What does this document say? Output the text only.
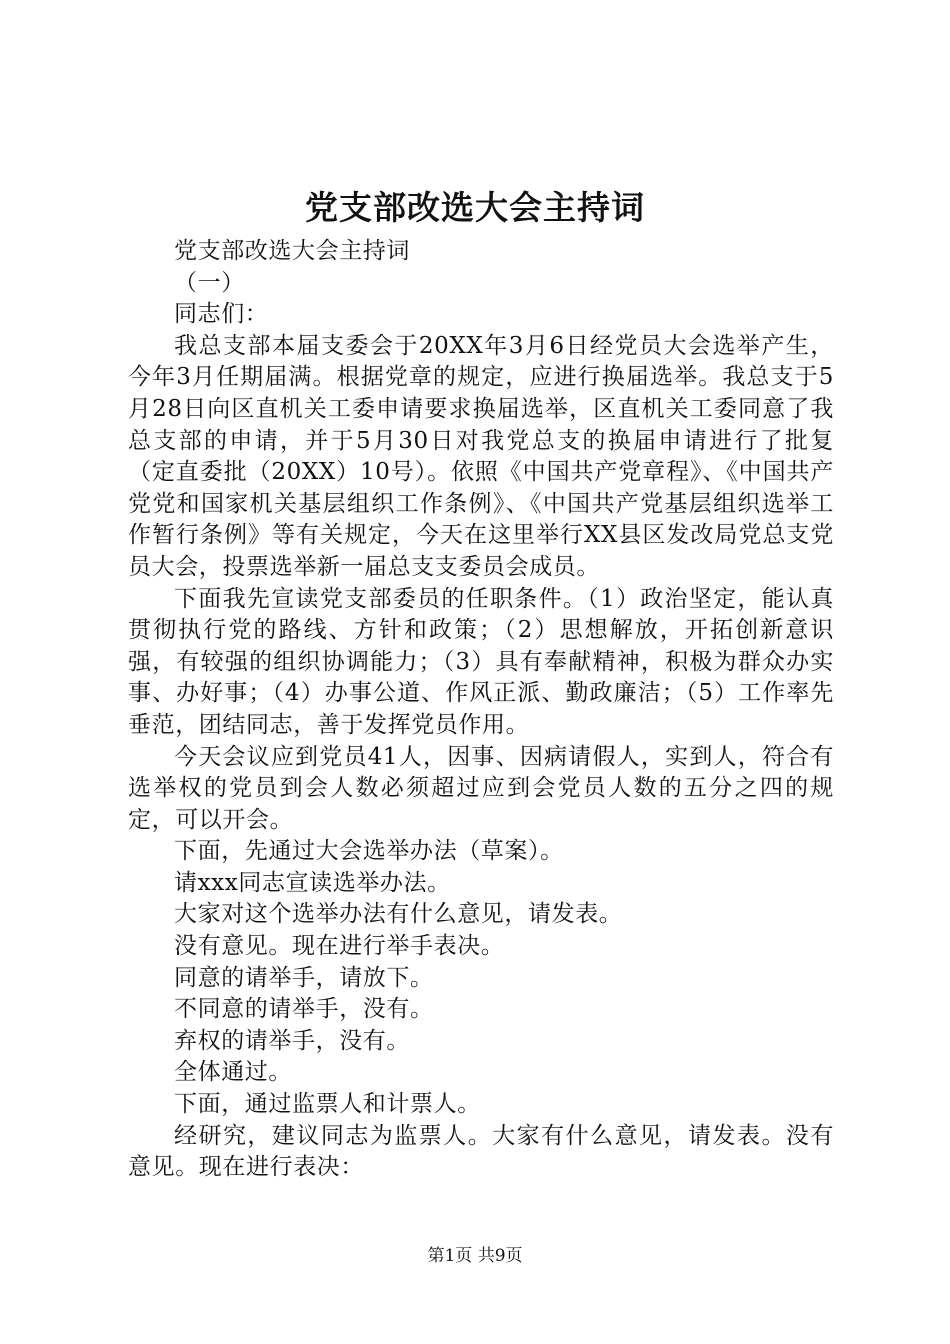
党支部改选大会主持词

党支部改选大会主持词

（一）

同志们：

我总支部本届支委会于20XX年3月6日经党员大会选举产生，今年3月任期届满。根据党章的规定，应进行换届选举。我总支于5月28日向区直机关工委申请要求换届选举，区直机关工委同意了我总支部的申请，并于5月30日对我党总支的换届申请进行了批复（定直委批（20XX）10号）。依照《中国共产党章程》、《中国共产党党和国家机关基层组织工作条例》、《中国共产党基层组织选举工作暂行条例》等有关规定，今天在这里举行XX县区发改局党总支党员大会，投票选举新一届总支支委员会成员。

下面我先宣读党支部委员的任职条件。（1）政治坚定，能认真贯彻执行党的路线、方针和政策；（2）思想解放，开拓创新意识强，有较强的组织协调能力；（3）具有奉献精神，积极为群众办实事、办好事；（4）办事公道、作风正派、勤政廉洁；（5）工作率先垂范，团结同志，善于发挥党员作用。

今天会议应到党员41人，因事、因病请假人，实到人，符合有选举权的党员到会人数必须超过应到会党员人数的五分之四的规定，可以开会。

下面，先通过大会选举办法（草案）。

请xxx同志宣读选举办法。

大家对这个选举办法有什么意见，请发表。

没有意见。现在进行举手表决。

同意的请举手，请放下。

不同意的请举手，没有。

弃权的请举手，没有。

全体通过。

下面，通过监票人和计票人。

经研究，建议同志为监票人。大家有什么意见，请发表。没有意见。现在进行表决：

第1页 共9页
